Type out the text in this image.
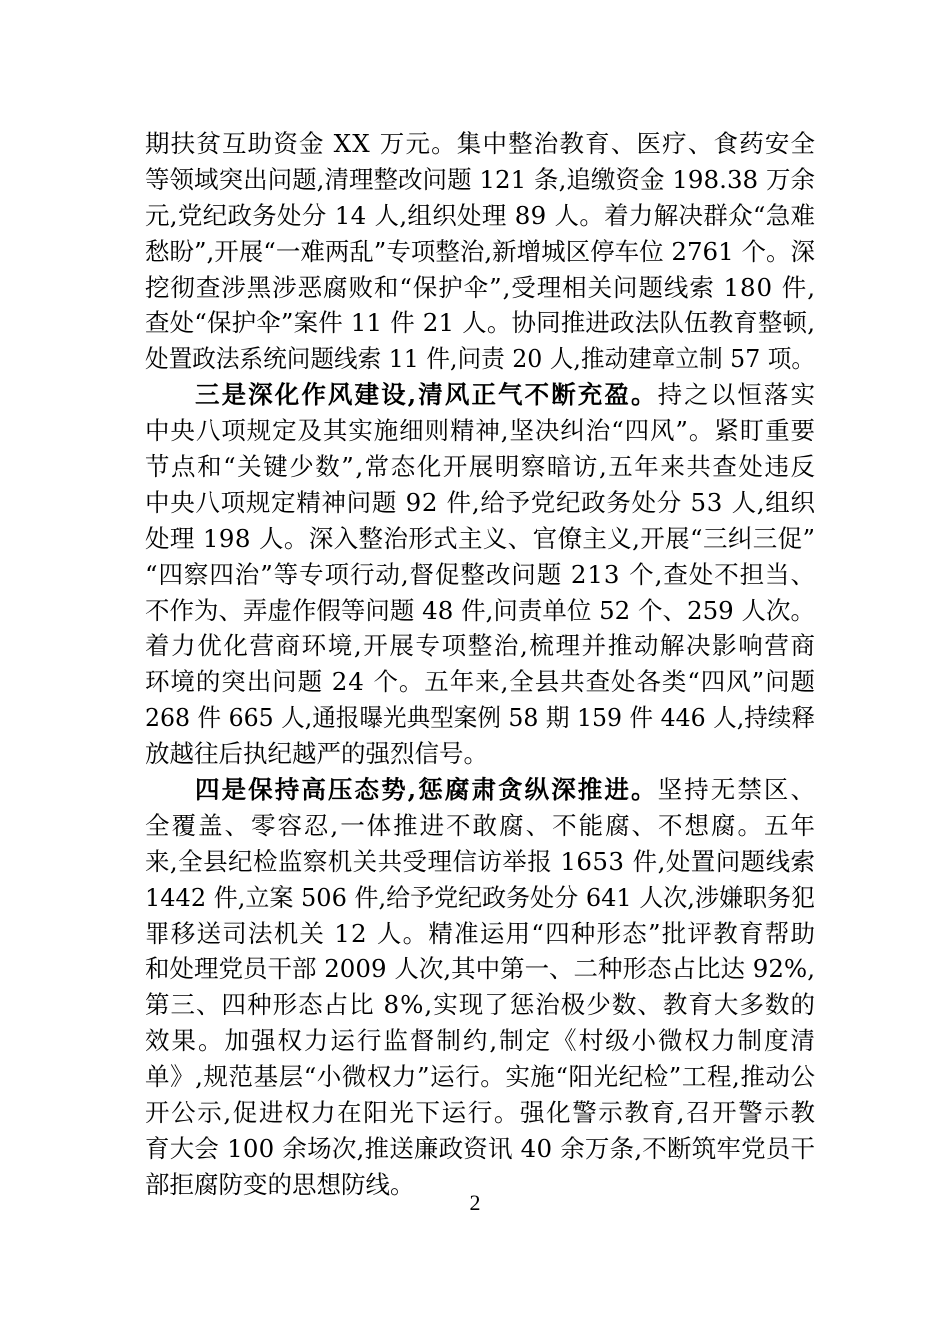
期扶贫互助资金 XX 万元。集中整治教育、医疗、食药安全
等领域突出问题,清理整改问题 121 条,追缴资金 198.38 万余
元,党纪政务处分 14 人,组织处理 89 人。着力解决群众“急难
愁盼”,开展“一难两乱”专项整治,新增城区停车位 2761 个。深
挖彻查涉黑涉恶腐败和“保护伞”,受理相关问题线索 180 件,
查处“保护伞”案件 11 件 21 人。协同推进政法队伍教育整顿,
处置政法系统问题线索 11 件,问责 20 人,推动建章立制 57 项。
三是深化作风建设,清风正气不断充盈。持之以恒落实
中央八项规定及其实施细则精神,坚决纠治“四风”。紧盯重要
节点和“关键少数”,常态化开展明察暗访,五年来共查处违反
中央八项规定精神问题 92 件,给予党纪政务处分 53 人,组织
处理 198 人。深入整治形式主义、官僚主义,开展“三纠三促”
“四察四治”等专项行动,督促整改问题 213 个,查处不担当、
不作为、弄虚作假等问题 48 件,问责单位 52 个、259 人次。
着力优化营商环境,开展专项整治,梳理并推动解决影响营商
环境的突出问题 24 个。五年来,全县共查处各类“四风”问题
268 件 665 人,通报曝光典型案例 58 期 159 件 446 人,持续释
放越往后执纪越严的强烈信号。
四是保持高压态势,惩腐肃贪纵深推进。坚持无禁区、
全覆盖、零容忍,一体推进不敢腐、不能腐、不想腐。五年
来,全县纪检监察机关共受理信访举报 1653 件,处置问题线索
1442 件,立案 506 件,给予党纪政务处分 641 人次,涉嫌职务犯
罪移送司法机关 12 人。精准运用“四种形态”批评教育帮助
和处理党员干部 2009 人次,其中第一、二种形态占比达 92%,
第三、四种形态占比 8%,实现了惩治极少数、教育大多数的
效果。加强权力运行监督制约,制定《村级小微权力制度清
单》,规范基层“小微权力”运行。实施“阳光纪检”工程,推动公
开公示,促进权力在阳光下运行。强化警示教育,召开警示教
育大会 100 余场次,推送廉政资讯 40 余万条,不断筑牢党员干
部拒腐防变的思想防线。
2
